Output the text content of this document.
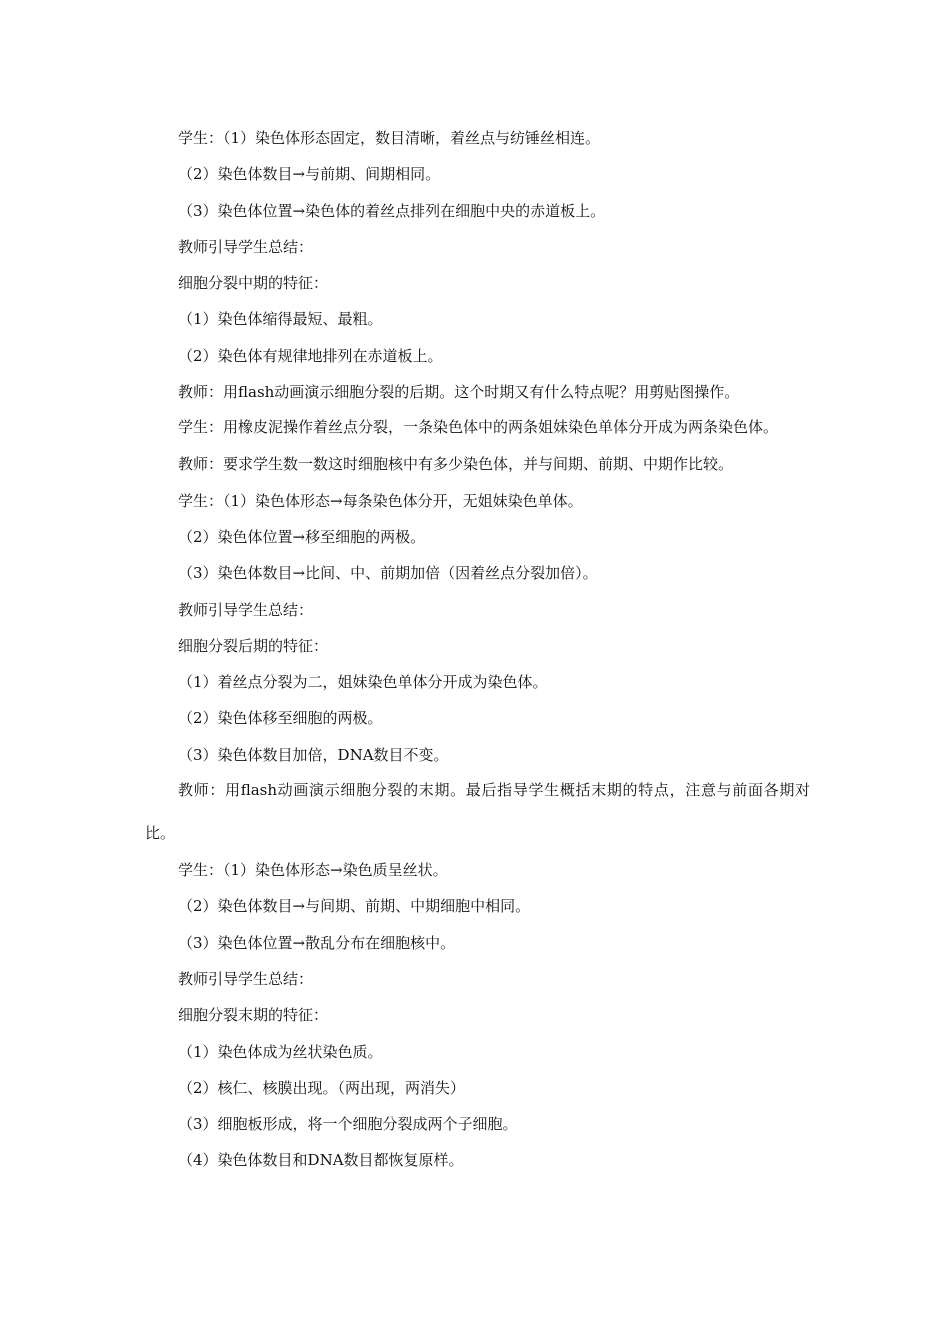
学生：（1）染色体形态固定，数目清晰，着丝点与纺锤丝相连。

（2）染色体数目→与前期、间期相同。

（3）染色体位置→染色体的着丝点排列在细胞中央的赤道板上。

教师引导学生总结：

细胞分裂中期的特征：

（1）染色体缩得最短、最粗。

（2）染色体有规律地排列在赤道板上。

教师：用flash动画演示细胞分裂的后期。这个时期又有什么特点呢？用剪贴图操作。

学生：用橡皮泥操作着丝点分裂，一条染色体中的两条姐妹染色单体分开成为两条染色体。

教师：要求学生数一数这时细胞核中有多少染色体，并与间期、前期、中期作比较。

学生：（1）染色体形态→每条染色体分开，无姐妹染色单体。

（2）染色体位置→移至细胞的两极。

（3）染色体数目→比间、中、前期加倍（因着丝点分裂加倍）。

教师引导学生总结：

细胞分裂后期的特征：

（1）着丝点分裂为二，姐妹染色单体分开成为染色体。

（2）染色体移至细胞的两极。

（3）染色体数目加倍，DNA数目不变。

教师：用flash动画演示细胞分裂的末期。最后指导学生概括末期的特点，注意与前面各期对比。

学生：（1）染色体形态→染色质呈丝状。

（2）染色体数目→与间期、前期、中期细胞中相同。

（3）染色体位置→散乱分布在细胞核中。

教师引导学生总结：

细胞分裂末期的特征：

（1）染色体成为丝状染色质。

（2）核仁、核膜出现。（两出现，两消失）

（3）细胞板形成，将一个细胞分裂成两个子细胞。

（4）染色体数目和DNA数目都恢复原样。
